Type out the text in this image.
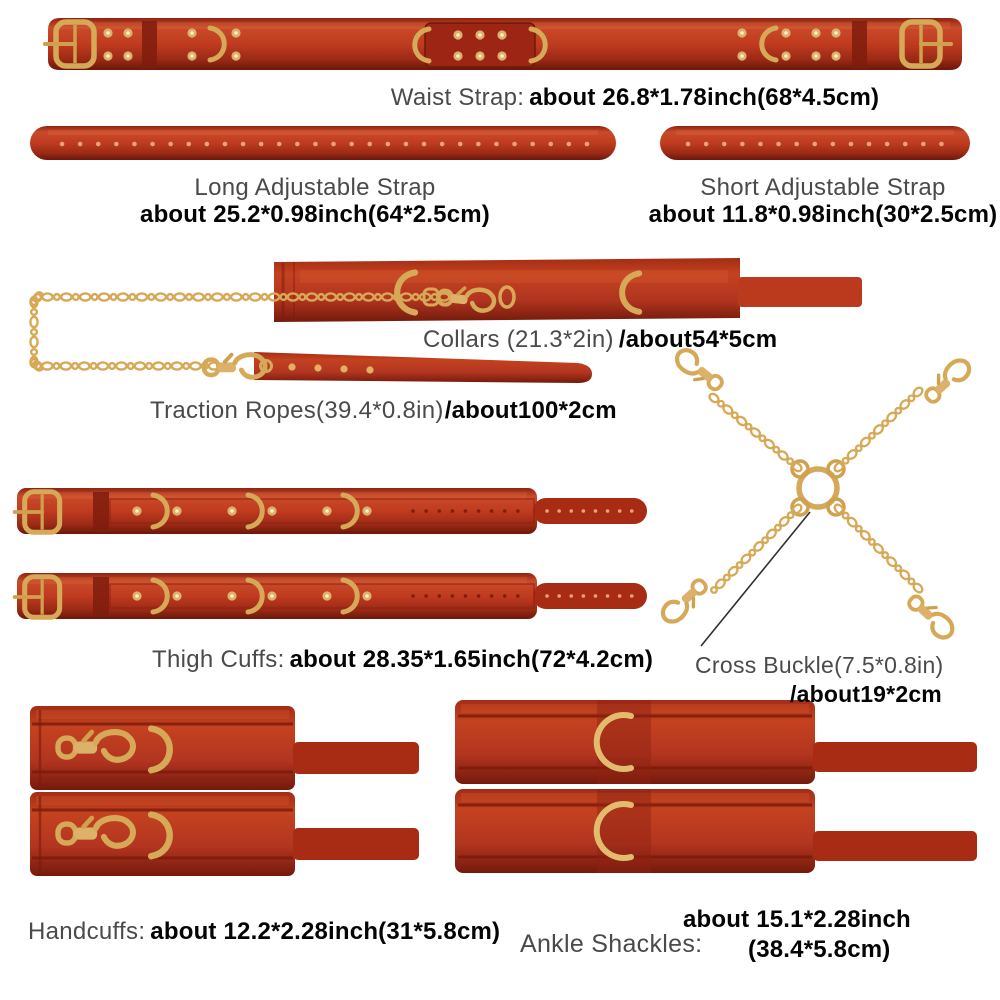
Waist Strap: about 26.8*1.78inch(68*4.5cm)
Long Adjustable Strap
about 25.2*0.98inch(64*2.5cm)
Short Adjustable Strap
about 11.8*0.98inch(30*2.5cm)
Collars (21.3*2in) /about54*5cm
Traction Ropes(39.4*0.8in)/about100*2cm
Cross Buckle(7.5*0.8in)
/about19*2cm
Thigh Cuffs: about 28.35*1.65inch(72*4.2cm)
Handcuffs: about 12.2*2.28inch(31*5.8cm) Ankle Shackles:
about 15.1*2.28inch
(38.4*5.8cm)
